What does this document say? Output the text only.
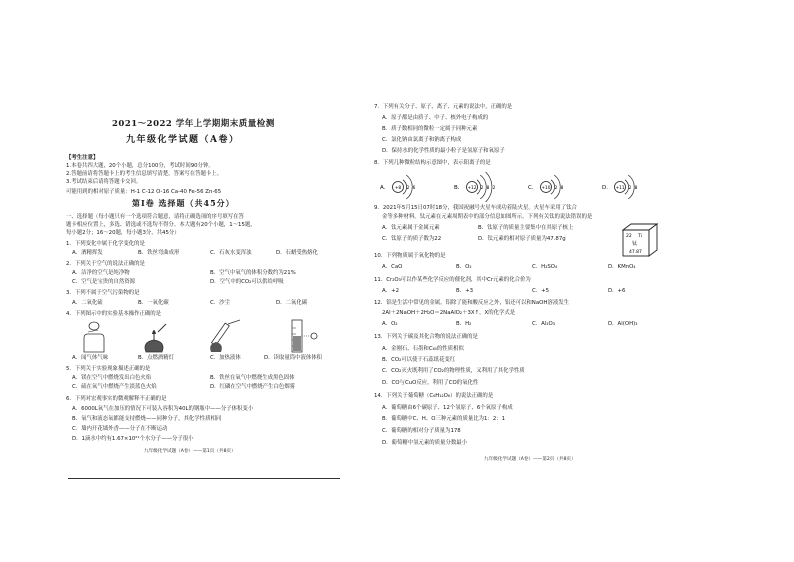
2021～2022 学年上学期期末质量检测
九年级化学试题（A卷）
【考生注意】
1.本卷共四大题，20个小题，总分100分，考试时间90分钟。
2.答题前请将答题卡上的考生信息填写清楚，答案写在答题卡上。
3.考试结束后请将答题卡交回。
可能用到的相对原子质量：H-1 C-12 O-16 Ca-40 Fe-56 Zn-65
第Ⅰ卷 选择题（共45分）
一、选择题（每小题只有一个选项符合题意，请将正确选项的序号填写在答
题卡相应位置上，多选、错选或不选均不得分。本大题有20个小题，1～15题，
每小题2分；16～20题，每小题3分，共45分）
1．下列变化中属于化学变化的是
A．酒精挥发	B．铁丝弯曲成形	C．石灰水变浑浊	D．石蜡受热熔化
2．下列关于空气的说法正确的是
A．洁净的空气是纯净物	B．空气中氧气的体积分数约为21%
C．空气是宝贵的自然资源	D．空气中的CO₂可以供给呼吸
3．下列不属于空气污染物的是
A．二氧化硫	B．一氧化碳	C．沙尘	D．二氧化碳
4．下列图示中的实验基本操作正确的是
A．闻气体气味	B．点燃酒精灯	C．加热液体	D．读取量筒中液体体积
5．下列关于实验现象描述正确的是
A．镁在空气中燃烧发出白色火焰	B．铁丝在氧气中燃烧生成黑色固体
C．硫在氧气中燃烧产生淡蓝色火焰	D．红磷在空气中燃烧产生白色烟雾
6．下列对宏观事实的微观解释不正确的是
A．6000L氧气在加压的情况下可装入容积为40L的钢瓶中——分子体积变小
B．氧气和液态氧都能支持燃烧——同种分子，其化学性质相同
C．墙内开花墙外香——分子在不断运动
D．1滴水中约有1.67×10²¹个水分子——分子很小
九年级化学试题（A卷）——第1页（共8页）
7．下列有关分子、原子、离子、元素的说法中，正确的是
A．原子都是由质子、中子、核外电子构成的
B．质子数相同的微粒一定属于同种元素
C．氯化钠由氯离子和钠离子构成
D．保持水的化学性质的最小粒子是氢原子和氧原子
8．下列几种微粒结构示意图中，表示阳离子的是
A. +8 2 6	B. +12 2 8 2	C. +10 2 8	D. +11 2 8
9．2021年5月15日07时18分，我国祝融号火星车成功着陆火星。火星车采用了钛合
金等多种材料。钛元素在元素周期表中的部分信息如图所示，下列有关钛的说法错误的是
A．钛元素属于金属元素	B．钛原子的质量主要集中在其原子核上
C．钛原子的质子数为22	D．钛元素的相对原子质量为47.87g	22 Ti
钛
47.87
10．下列物质属于氧化物的是
A．CaO	B．O₂	C．H₂SO₄	D．KMnO₄
11．Cr₂O₃可以作某些化学反应的催化剂，其中Cr元素的化合价为
A．+2	B．+3	C．+5	D．+6
12．铝是生活中常见的金属，铝除了能和酸反应之外，铝还可以和NaOH溶液发生
2Al＋2NaOH＋2H₂O＝2NaAlO₂＋3X↑，X的化学式是
A．O₂	B．H₂	C．Al₂O₃	D．Al(OH)₃
13．下列关于碳及其化合物的说法正确的是
A．金刚石、石墨和C₆₀的性质相似
B．CO₂可以使干石蕊纸花变红
C．CO₂灭火既利用了CO₂的物理性质，又利用了其化学性质
D．CO与CuO反应，利用了CO的氧化性
14．下列关于葡萄糖（C₆H₁₂O₆）的说法正确的是
A．葡萄糖由6个碳原子、12个氢原子、6个氧原子构成
B．葡萄糖中C、H、O三种元素的质量比为1：2：1
C．葡萄糖的相对分子质量为178
D．葡萄糖中氢元素的质量分数最小
九年级化学试题（A卷）——第2页（共8页）
